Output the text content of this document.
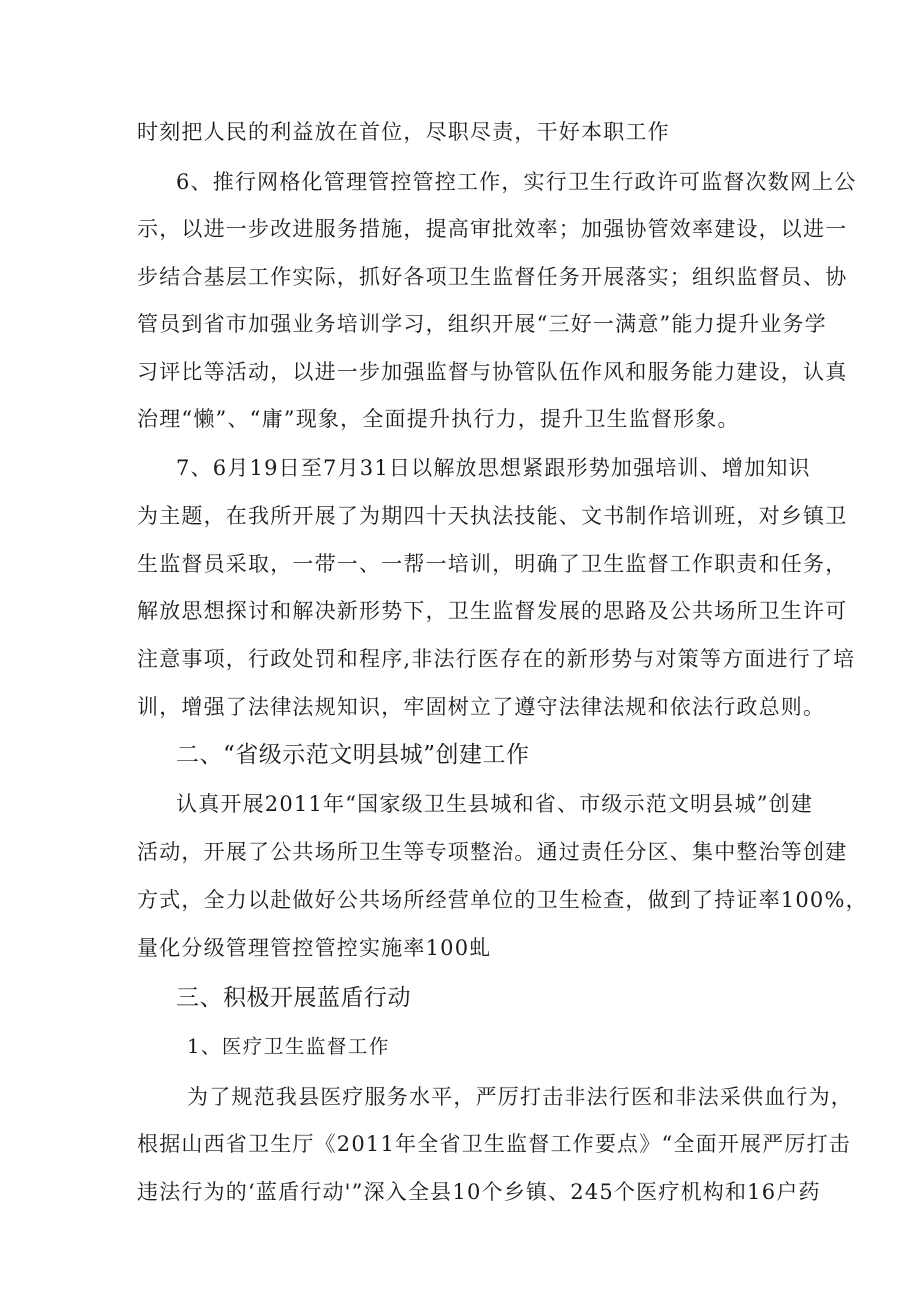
时刻把人民的利益放在首位，尽职尽责，干好本职工作
6、推行网格化管理管控管控工作，实行卫生行政许可监督次数网上公
示，以进一步改进服务措施，提高审批效率；加强协管效率建设，以进一
步结合基层工作实际，抓好各项卫生监督任务开展落实；组织监督员、协
管员到省市加强业务培训学习，组织开展“三好一满意”能力提升业务学
习评比等活动，以进一步加强监督与协管队伍作风和服务能力建设，认真
治理“懒”、“庸”现象，全面提升执行力，提升卫生监督形象。
7、6月19日至7月31日以解放思想紧跟形势加强培训、增加知识
为主题，在我所开展了为期四十天执法技能、文书制作培训班，对乡镇卫
生监督员采取，一带一、一帮一培训，明确了卫生监督工作职责和任务，
解放思想探讨和解决新形势下，卫生监督发展的思路及公共场所卫生许可
注意事项，行政处罚和程序,非法行医存在的新形势与对策等方面进行了培
训，增强了法律法规知识，牢固树立了遵守法律法规和依法行政总则。
二、“省级示范文明县城”创建工作
认真开展2011年“国家级卫生县城和省、市级示范文明县城”创建
活动，开展了公共场所卫生等专项整治。通过责任分区、集中整治等创建
方式，全力以赴做好公共场所经营单位的卫生检查，做到了持证率100%，
量化分级管理管控管控实施率100虬
三、积极开展蓝盾行动
1、医疗卫生监督工作
为了规范我县医疗服务水平，严厉打击非法行医和非法采供血行为，
根据山西省卫生厅《2011年全省卫生监督工作要点》“全面开展严厉打击
违法行为的‘蓝盾行动'”深入全县10个乡镇、245个医疗机构和16户药
